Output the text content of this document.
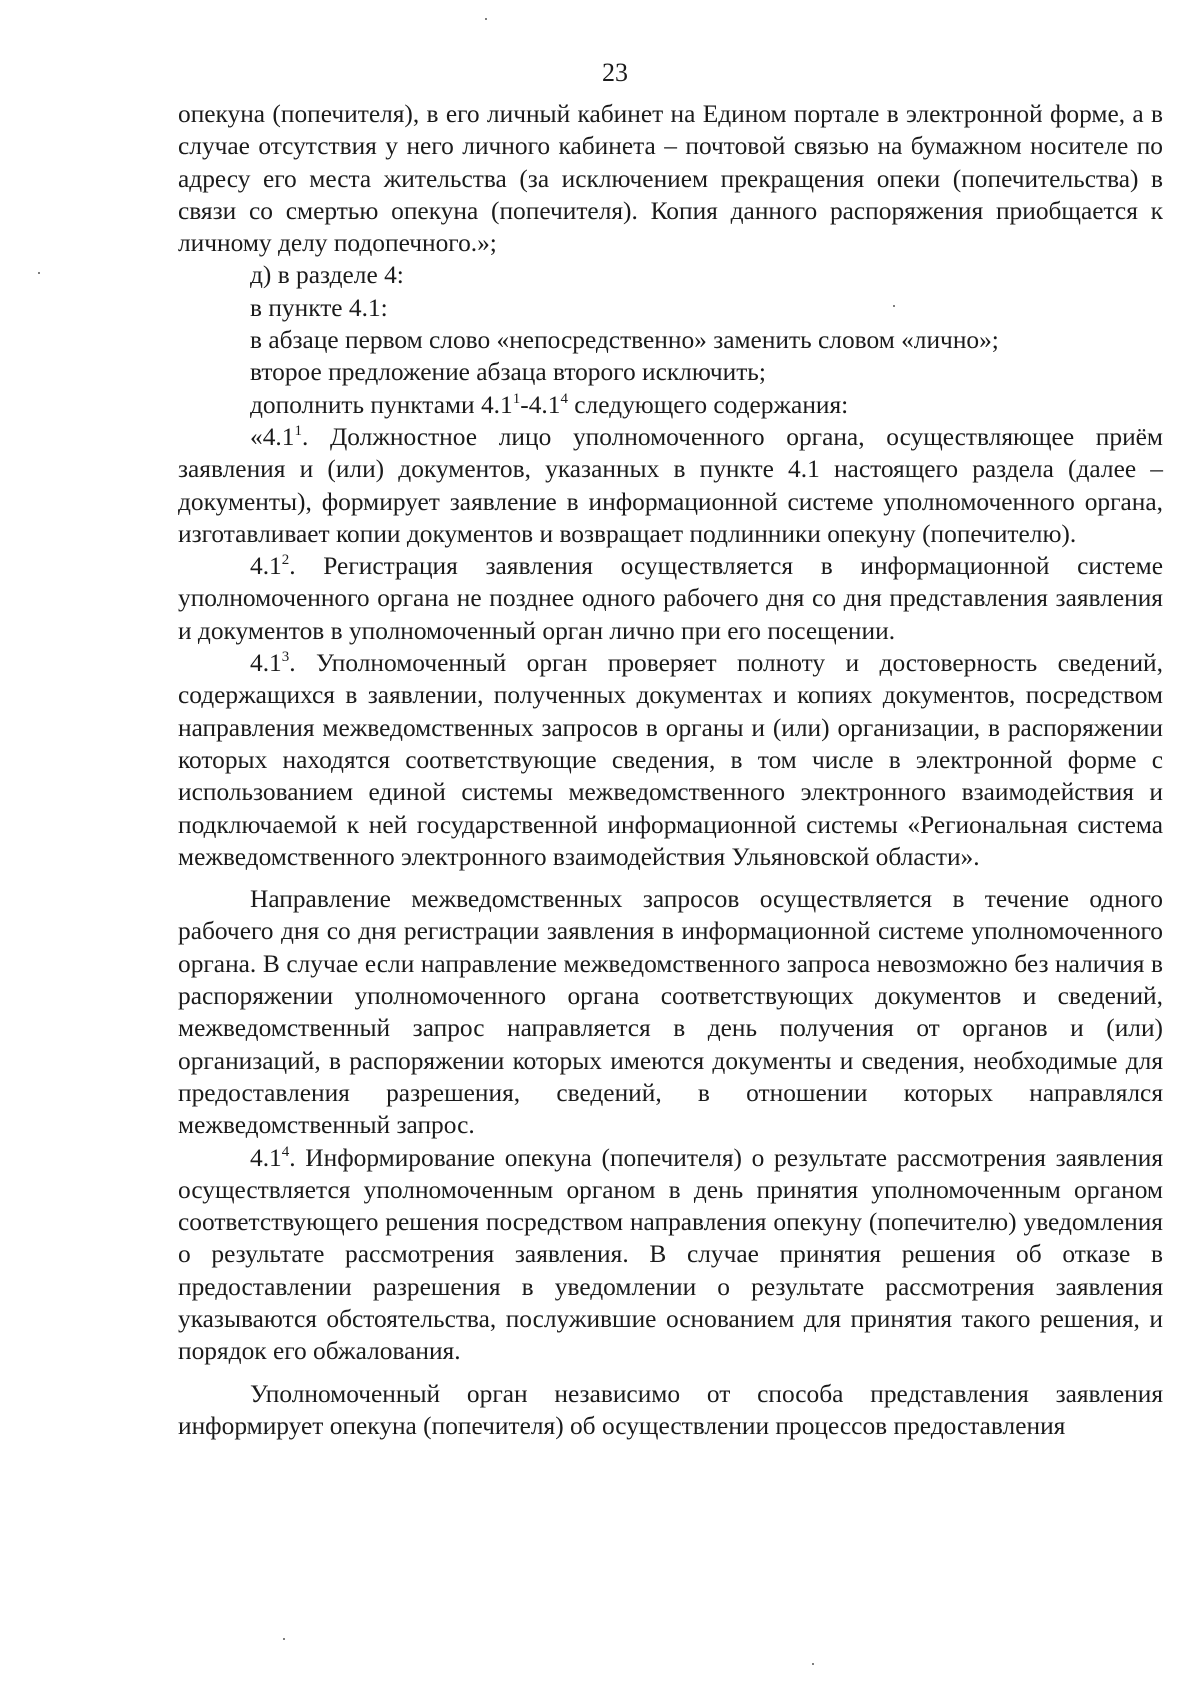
23

опекуна (попечителя), в его личный кабинет на Едином портале в электронной форме, а в случае отсутствия у него личного кабинета – почтовой связью на бумажном носителе по адресу его места жительства (за исключением прекращения опеки (попечительства) в связи со смертью опекуна (попечителя). Копия данного распоряжения приобщается к личному делу подопечного.»;

д) в разделе 4:

в пункте 4.1:

в абзаце первом слово «непосредственно» заменить словом «лично»;

второе предложение абзаца второго исключить;

дополнить пунктами $4.1^1-4.1^4$ следующего содержания:

«$4.1^1$. Должностное лицо уполномоченного органа, осуществляющее приём заявления и (или) документов, указанных в пункте 4.1 настоящего раздела (далее – документы), формирует заявление в информационной системе уполномоченного органа, изготавливает копии документов и возвращает подлинники опекуну (попечителю).

$4.1^2$. Регистрация заявления осуществляется в информационной системе уполномоченного органа не позднее одного рабочего дня со дня представления заявления и документов в уполномоченный орган лично при его посещении.

$4.1^3$. Уполномоченный орган проверяет полноту и достоверность сведений, содержащихся в заявлении, полученных документах и копиях документов, посредством направления межведомственных запросов в органы и (или) организации, в распоряжении которых находятся соответствующие сведения, в том числе в электронной форме с использованием единой системы межведомственного электронного взаимодействия и подключаемой к ней государственной информационной системы «Региональная система межведомственного электронного взаимодействия Ульяновской области».

Направление межведомственных запросов осуществляется в течение одного рабочего дня со дня регистрации заявления в информационной системе уполномоченного органа. В случае если направление межведомственного запроса невозможно без наличия в распоряжении уполномоченного органа соответствующих документов и сведений, межведомственный запрос направляется в день получения от органов и (или) организаций, в распоряжении которых имеются документы и сведения, необходимые для предоставления разрешения, сведений, в отношении которых направлялся межведомственный запрос.

$4.1^4$. Информирование опекуна (попечителя) о результате рассмотрения заявления осуществляется уполномоченным органом в день принятия уполномоченным органом соответствующего решения посредством направления опекуну (попечителю) уведомления о результате рассмотрения заявления. В случае принятия решения об отказе в предоставлении разрешения в уведомлении о результате рассмотрения заявления указываются обстоятельства, послужившие основанием для принятия такого решения, и порядок его обжалования.

Уполномоченный орган независимо от способа представления заявления информирует опекуна (попечителя) об осуществлении процессов предоставления
